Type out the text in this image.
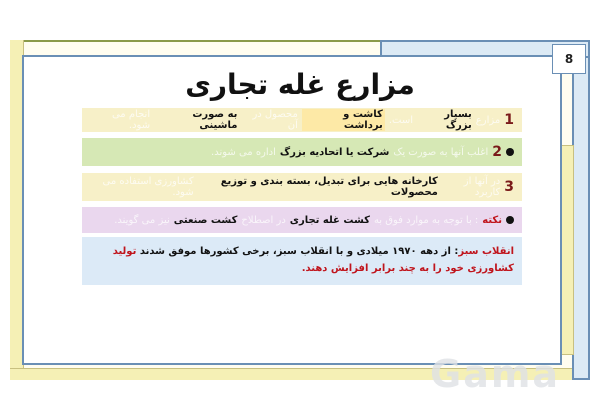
8
مزارع غله تجاری
1
مزارع
بسیار بزرگ
است.
کاشت و برداشت
محصول در آن
به صورت ماشینی
انجام می شود.
2
اغلب آنها به صورت یک
شرکت یا اتحادیه بزرگ
اداره می شوند.
3
در آنها از کاربرد
کارخانه هایی برای تبدیل، بسته بندی و توزیع محصولات
کشاورزی استفاده می شود.
نکته
: با توجه به موارد فوق به
کشت غله تجاری
در اصطلاح
کشت صنعتی
نیز می گویند.
انقلاب سبز: از دهه ۱۹۷۰ میلادی و با انقلاب سبز، برخی کشورها موفق شدند تولید کشاورزی خود را به چند برابر افزایش دهند.
Gama
